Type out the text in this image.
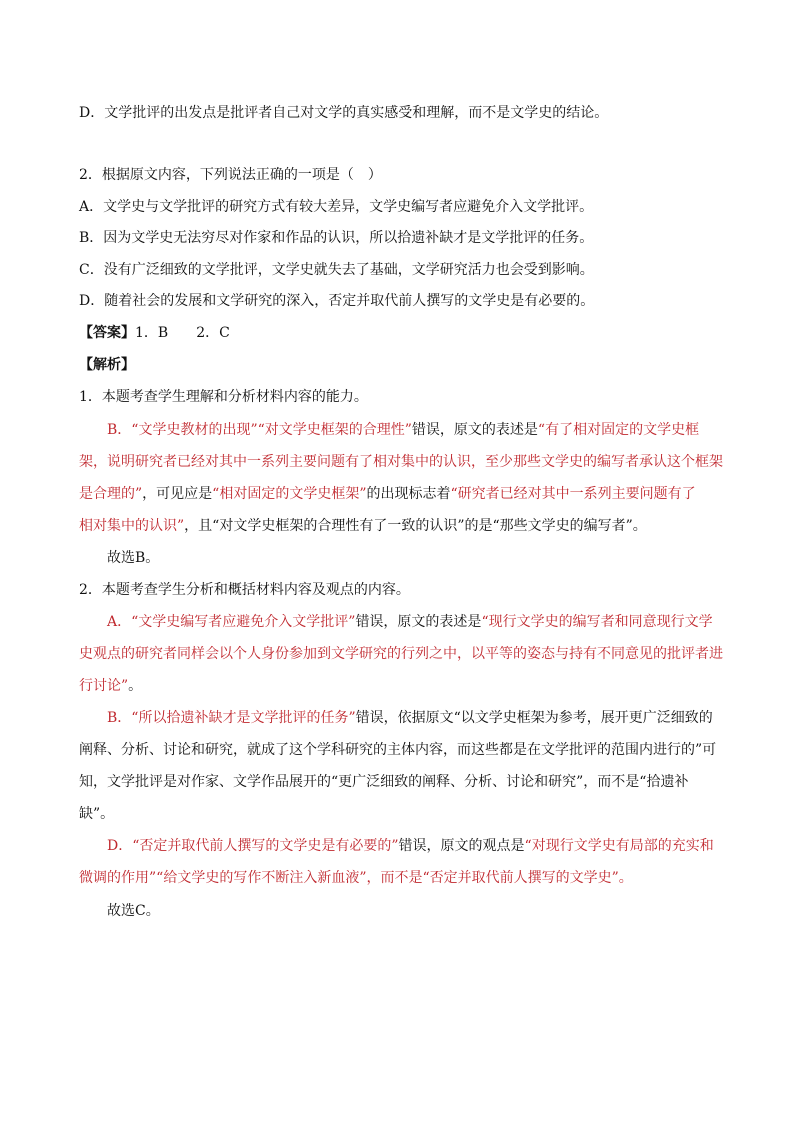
D．文学批评的出发点是批评者自己对文学的真实感受和理解，而不是文学史的结论。
2．根据原文内容，下列说法正确的一项是（　）
A．文学史与文学批评的研究方式有较大差异，文学史编写者应避免介入文学批评。
B．因为文学史无法穷尽对作家和作品的认识，所以拾遗补缺才是文学批评的任务。
C．没有广泛细致的文学批评，文学史就失去了基础，文学研究活力也会受到影响。
D．随着社会的发展和文学研究的深入，否定并取代前人撰写的文学史是有必要的。
【答案】1．B 2．C
【解析】
1．本题考查学生理解和分析材料内容的能力。
B．“文学史教材的出现”“对文学史框架的合理性”错误，原文的表述是“有了相对固定的文学史框
架，说明研究者已经对其中一系列主要问题有了相对集中的认识，至少那些文学史的编写者承认这个框架
是合理的”，可见应是“相对固定的文学史框架”的出现标志着“研究者已经对其中一系列主要问题有了
相对集中的认识”，且“对文学史框架的合理性有了一致的认识”的是“那些文学史的编写者”。
故选B。
2．本题考查学生分析和概括材料内容及观点的内容。
A．“文学史编写者应避免介入文学批评”错误，原文的表述是“现行文学史的编写者和同意现行文学
史观点的研究者同样会以个人身份参加到文学研究的行列之中，以平等的姿态与持有不同意见的批评者进
行讨论”。
B．“所以拾遗补缺才是文学批评的任务”错误，依据原文“以文学史框架为参考，展开更广泛细致的
阐释、分析、讨论和研究，就成了这个学科研究的主体内容，而这些都是在文学批评的范围内进行的”可
知，文学批评是对作家、文学作品展开的“更广泛细致的阐释、分析、讨论和研究”，而不是“拾遗补
缺”。
D．“否定并取代前人撰写的文学史是有必要的”错误，原文的观点是“对现行文学史有局部的充实和
微调的作用”“给文学史的写作不断注入新血液”，而不是“否定并取代前人撰写的文学史”。
故选C。
